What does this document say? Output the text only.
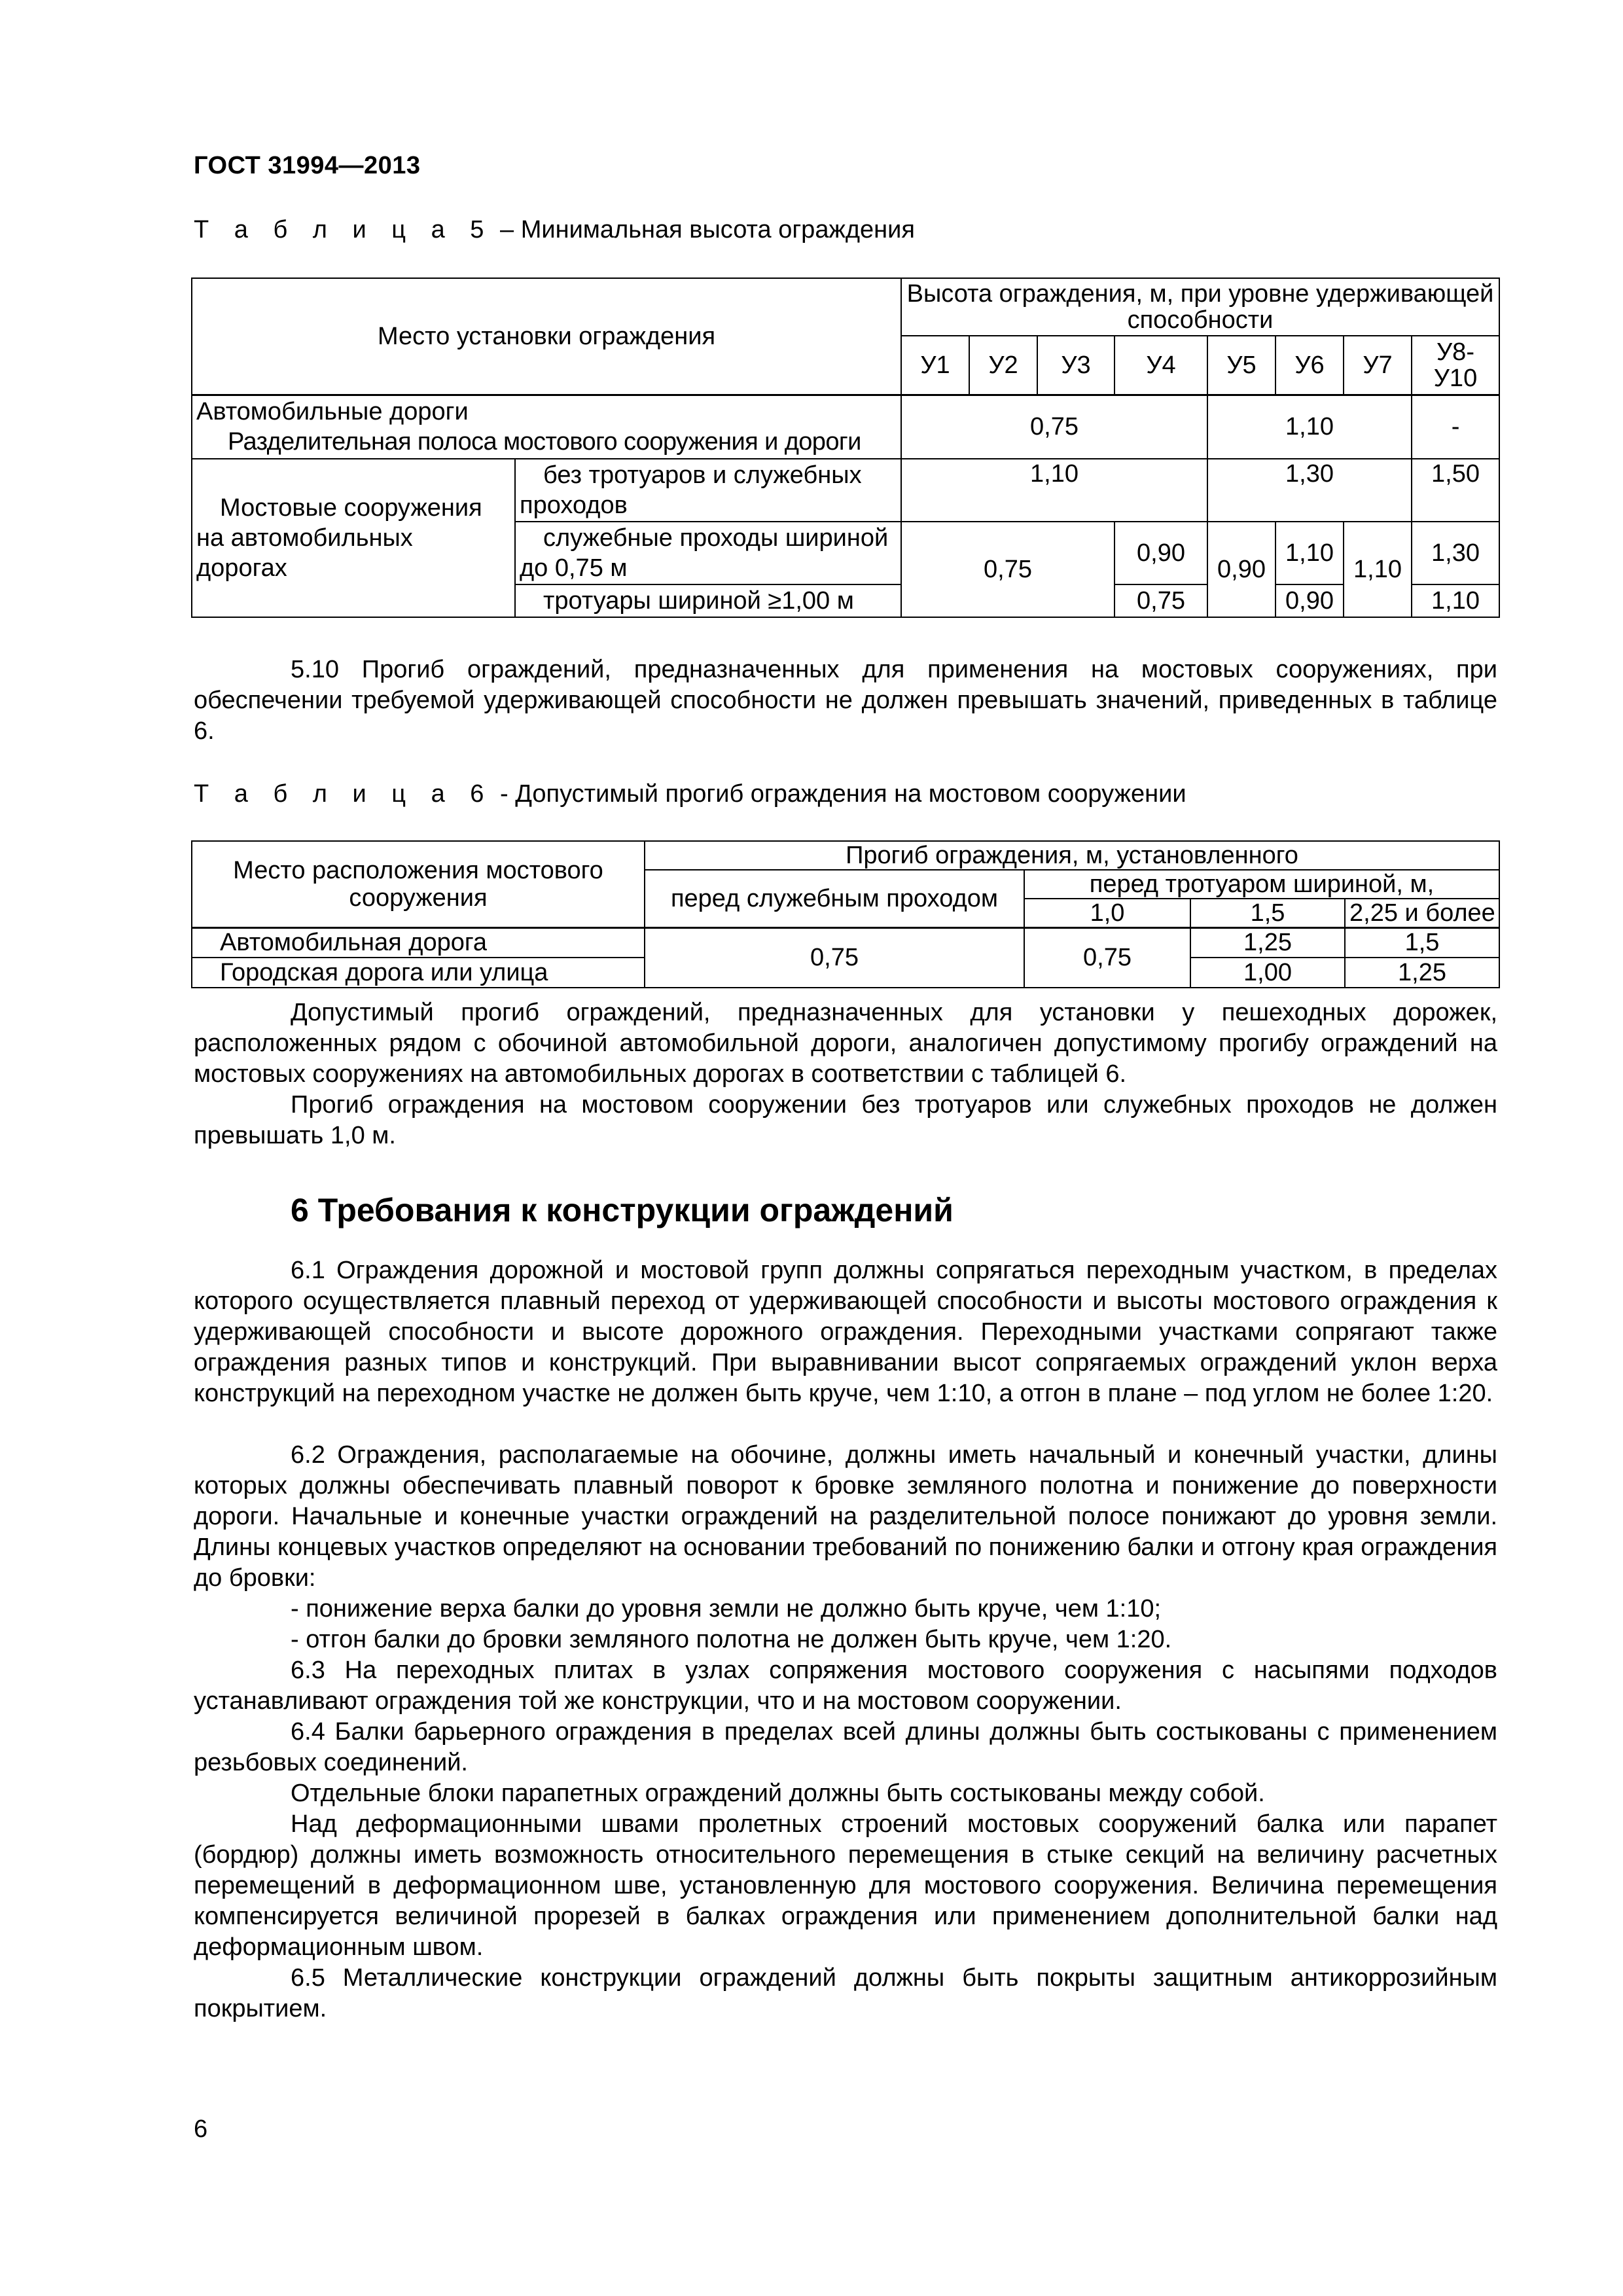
ГОСТ 31994—2013
Т а б л и ц а 5 – Минимальная высота ограждения
Место установки ограждения		Высота ограждения, м, при уровне удерживающей способности							
		У1	У2	У3	У4	У5	У6	У7	У8-У10

Автомобильные дороги
Разделительная полоса мостового сооружения и дороги		0,75				1,10			-

Мостовые сооружения на автомобильных дорогах	без тротуаров и служебных проходов	1,10				1,30			1,50

	служебные проходы шириной до 0,75 м	0,75			0,90	0,90	1,10	1,10	1,30
	тротуары шириной ≥1,00 м				0,75		0,90		1,10
5.10 Прогиб ограждений, предназначенных для применения на мостовых сооружениях, при обеспечении требуемой удерживающей способности не должен превышать значений, приведенных в таблице 6.
Т а б л и ц а 6 - Допустимый прогиб ограждения на мостовом сооружении
Место расположения мостового сооружения	Прогиб ограждения, м, установленного			
	перед служебным проходом	перед тротуаром шириной, м,		
		1,0	1,5	2,25 и более
Автомобильная дорога	0,75	0,75	1,25	1,5
Городская дорога или улица			1,00	1,25
Допустимый прогиб ограждений, предназначенных для установки у пешеходных дорожек, расположенных рядом с обочиной автомобильной дороги, аналогичен допустимому прогибу ограждений на мостовых сооружениях на автомобильных дорогах в соответствии с таблицей 6.
Прогиб ограждения на мостовом сооружении без тротуаров или служебных проходов не должен превышать 1,0 м.
6 Требования к конструкции ограждений
6.1 Ограждения дорожной и мостовой групп должны сопрягаться переходным участком, в пределах которого осуществляется плавный переход от удерживающей способности и высоты мостового ограждения к удерживающей способности и высоте дорожного ограждения. Переходными участками сопрягают также ограждения разных типов и конструкций. При выравнивании высот сопрягаемых ограждений уклон верха конструкций на переходном участке не должен быть круче, чем 1:10, а отгон в плане – под углом не более 1:20.
6.2 Ограждения, располагаемые на обочине, должны иметь начальный и конечный участки, длины которых должны обеспечивать плавный поворот к бровке земляного полотна и понижение до поверхности дороги. Начальные и конечные участки ограждений на разделительной полосе понижают до уровня земли. Длины концевых участков определяют на основании требований по понижению балки и отгону края ограждения до бровки:
- понижение верха балки до уровня земли не должно быть круче, чем 1:10;
- отгон балки до бровки земляного полотна не должен быть круче, чем 1:20.
6.3 На переходных плитах в узлах сопряжения мостового сооружения с насыпями подходов устанавливают ограждения той же конструкции, что и на мостовом сооружении.
6.4 Балки барьерного ограждения в пределах всей длины должны быть состыкованы с применением резьбовых соединений.
Отдельные блоки парапетных ограждений должны быть состыкованы между собой.
Над деформационными швами пролетных строений мостовых сооружений балка или парапет (бордюр) должны иметь возможность относительного перемещения в стыке секций на величину расчетных перемещений в деформационном шве, установленную для мостового сооружения. Величина перемещения компенсируется величиной прорезей в балках ограждения или применением дополнительной балки над деформационным швом.
6.5 Металлические конструкции ограждений должны быть покрыты защитным антикоррозийным покрытием.
6
